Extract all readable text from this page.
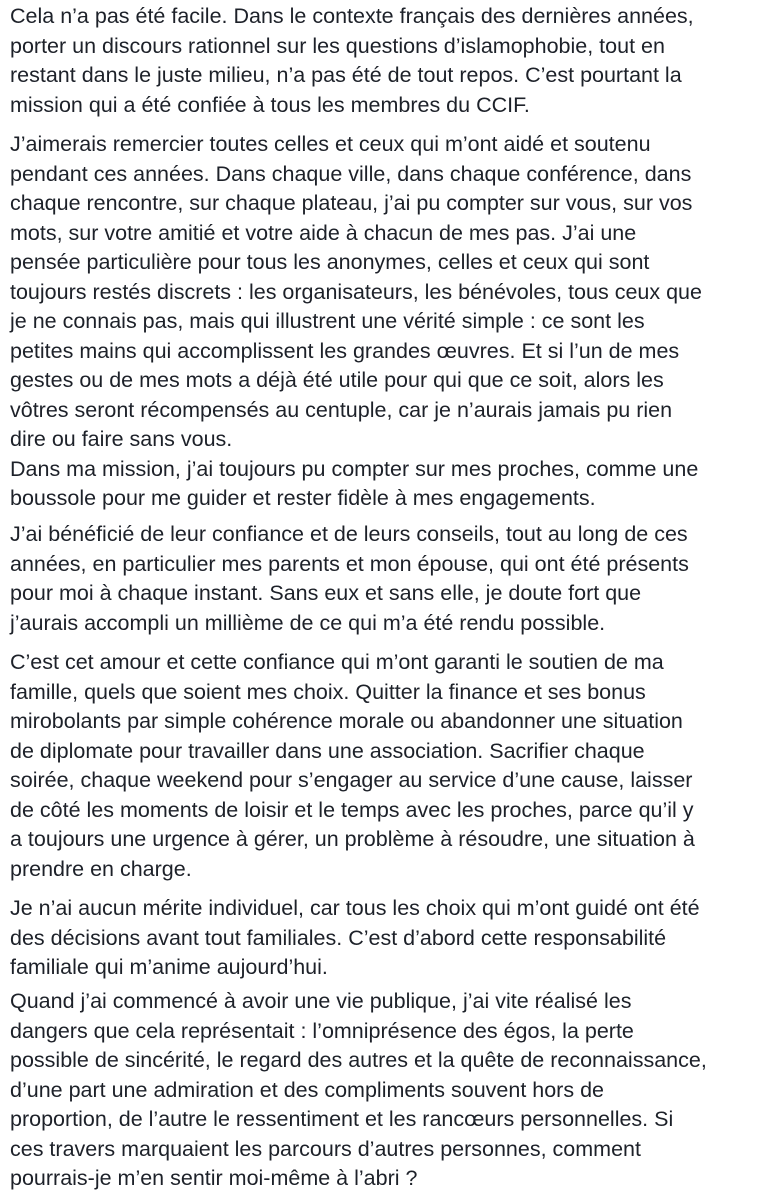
Cela n’a pas été facile. Dans le contexte français des dernières années,
porter un discours rationnel sur les questions d’islamophobie, tout en
restant dans le juste milieu, n’a pas été de tout repos. C’est pourtant la
mission qui a été confiée à tous les membres du CCIF.

J’aimerais remercier toutes celles et ceux qui m’ont aidé et soutenu
pendant ces années. Dans chaque ville, dans chaque conférence, dans
chaque rencontre, sur chaque plateau, j’ai pu compter sur vous, sur vos
mots, sur votre amitié et votre aide à chacun de mes pas. J’ai une
pensée particulière pour tous les anonymes, celles et ceux qui sont
toujours restés discrets : les organisateurs, les bénévoles, tous ceux que
je ne connais pas, mais qui illustrent une vérité simple : ce sont les
petites mains qui accomplissent les grandes œuvres. Et si l’un de mes
gestes ou de mes mots a déjà été utile pour qui que ce soit, alors les
vôtres seront récompensés au centuple, car je n’aurais jamais pu rien
dire ou faire sans vous.
Dans ma mission, j’ai toujours pu compter sur mes proches, comme une
boussole pour me guider et rester fidèle à mes engagements.

J’ai bénéficié de leur confiance et de leurs conseils, tout au long de ces
années, en particulier mes parents et mon épouse, qui ont été présents
pour moi à chaque instant. Sans eux et sans elle, je doute fort que
j’aurais accompli un millième de ce qui m’a été rendu possible.

C’est cet amour et cette confiance qui m’ont garanti le soutien de ma
famille, quels que soient mes choix. Quitter la finance et ses bonus
mirobolants par simple cohérence morale ou abandonner une situation
de diplomate pour travailler dans une association. Sacrifier chaque
soirée, chaque weekend pour s’engager au service d’une cause, laisser
de côté les moments de loisir et le temps avec les proches, parce qu’il y
a toujours une urgence à gérer, un problème à résoudre, une situation à
prendre en charge.

Je n’ai aucun mérite individuel, car tous les choix qui m’ont guidé ont été
des décisions avant tout familiales. C’est d’abord cette responsabilité
familiale qui m’anime aujourd’hui.

Quand j’ai commencé à avoir une vie publique, j’ai vite réalisé les
dangers que cela représentait : l’omniprésence des égos, la perte
possible de sincérité, le regard des autres et la quête de reconnaissance,
d’une part une admiration et des compliments souvent hors de
proportion, de l’autre le ressentiment et les rancœurs personnelles. Si
ces travers marquaient les parcours d’autres personnes, comment
pourrais-je m’en sentir moi-même à l’abri ?
